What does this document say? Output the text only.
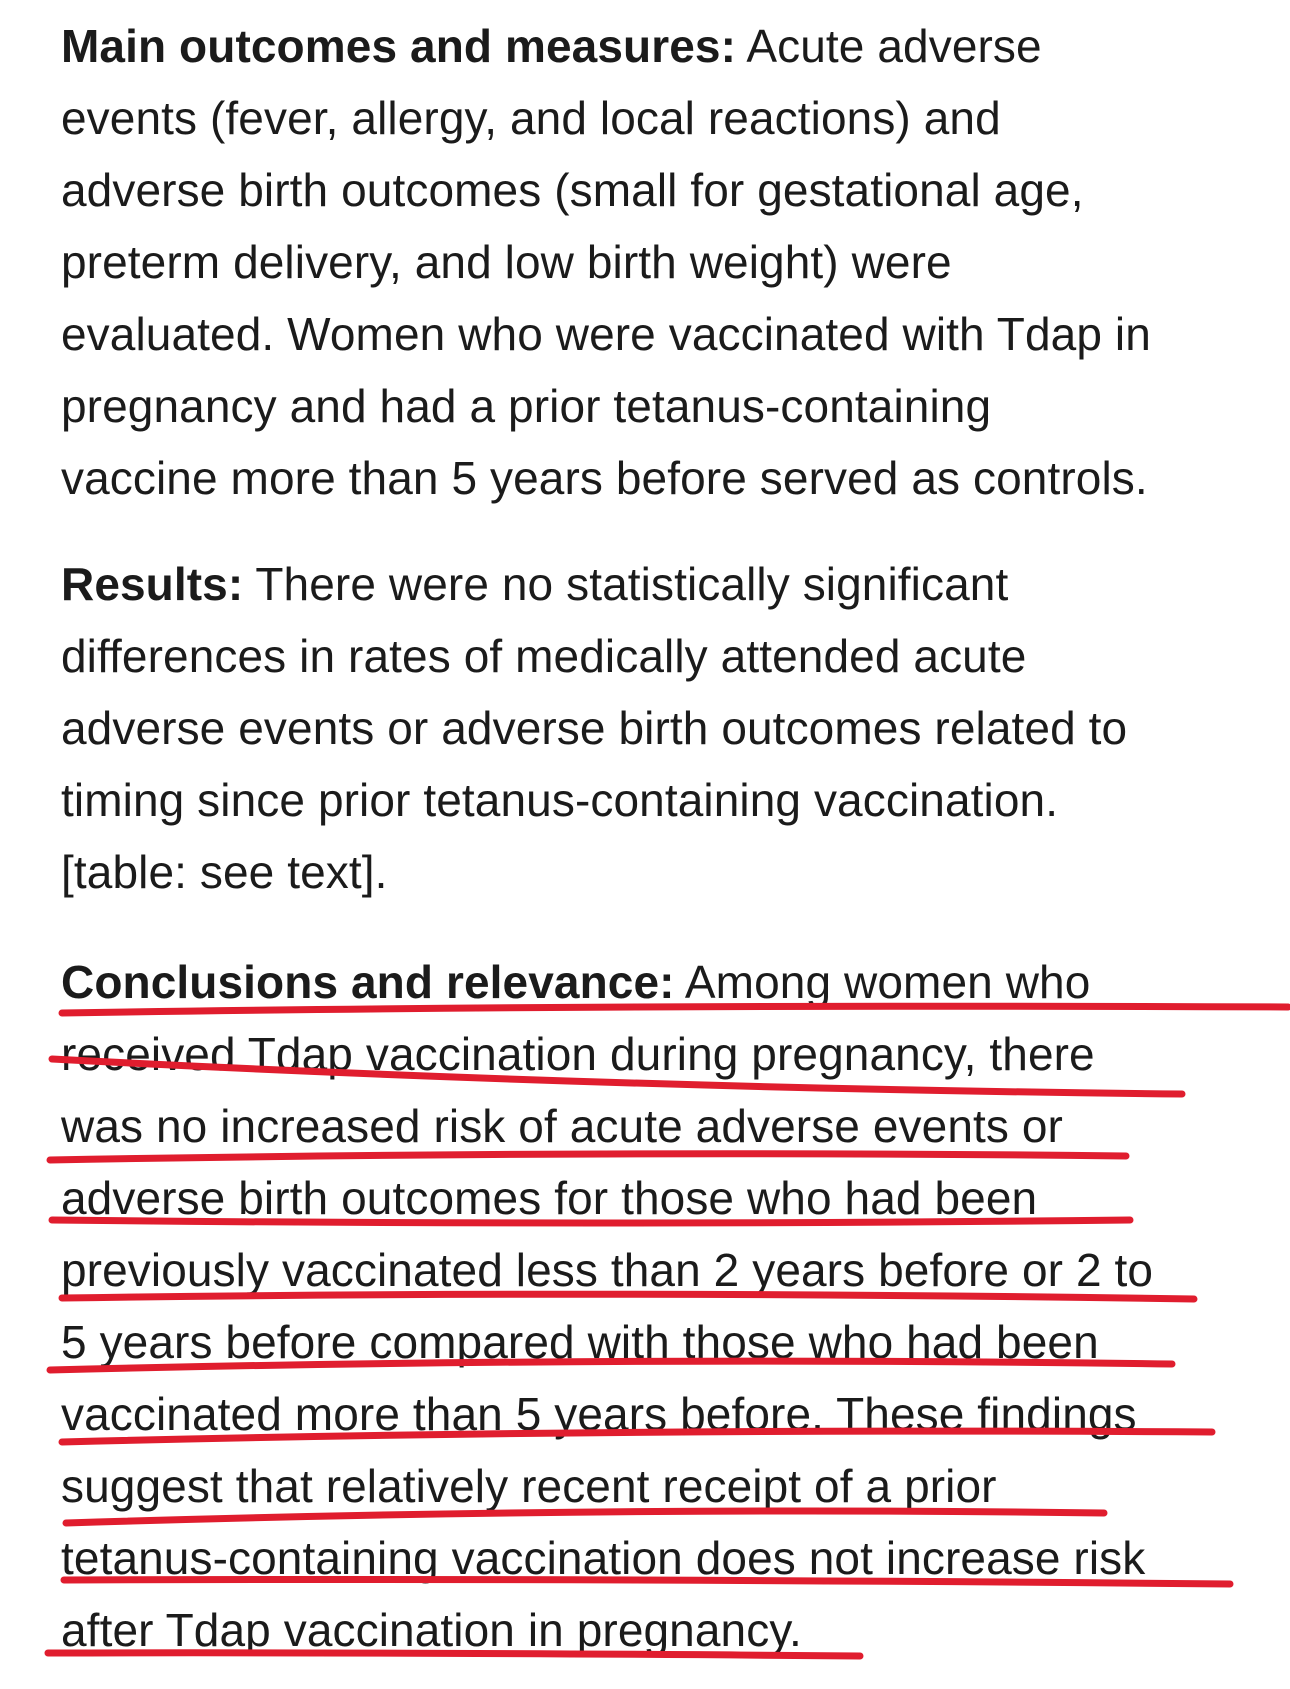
Main outcomes and measures: Acute adverse
events (fever, allergy, and local reactions) and
adverse birth outcomes (small for gestational age,
preterm delivery, and low birth weight) were
evaluated. Women who were vaccinated with Tdap in
pregnancy and had a prior tetanus-containing
vaccine more than 5 years before served as controls.

Results: There were no statistically significant
differences in rates of medically attended acute
adverse events or adverse birth outcomes related to
timing since prior tetanus-containing vaccination.
[table: see text].

Conclusions and relevance: Among women who
received Tdap vaccination during pregnancy, there
was no increased risk of acute adverse events or
adverse birth outcomes for those who had been
previously vaccinated less than 2 years before or 2 to
5 years before compared with those who had been
vaccinated more than 5 years before. These findings
suggest that relatively recent receipt of a prior
tetanus-containing vaccination does not increase risk
after Tdap vaccination in pregnancy.
